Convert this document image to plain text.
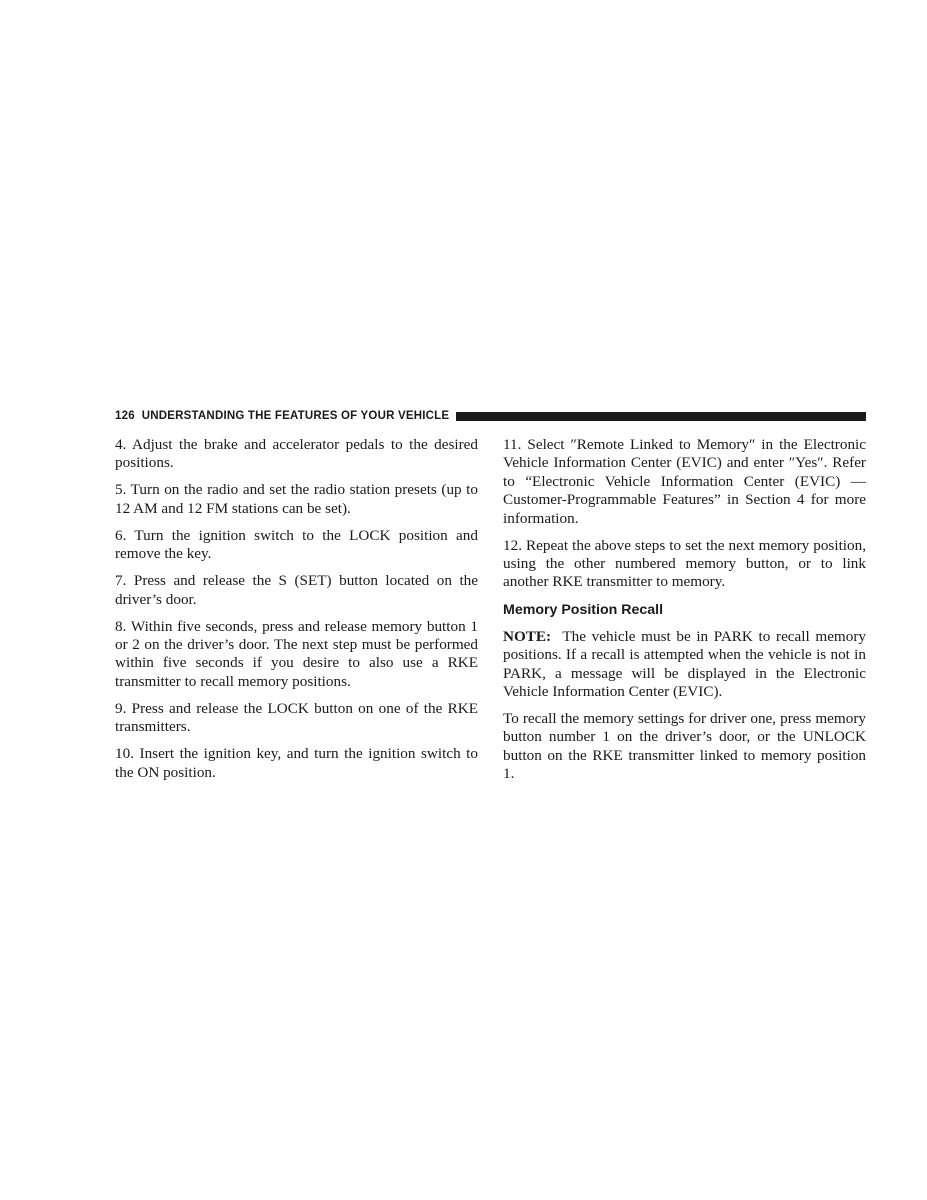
126 UNDERSTANDING THE FEATURES OF YOUR VEHICLE

4. Adjust the brake and accelerator pedals to the desired positions.

5. Turn on the radio and set the radio station presets (up to 12 AM and 12 FM stations can be set).

6. Turn the ignition switch to the LOCK position and remove the key.

7. Press and release the S (SET) button located on the driver’s door.

8. Within five seconds, press and release memory button 1 or 2 on the driver’s door. The next step must be performed within five seconds if you desire to also use a RKE transmitter to recall memory positions.

9. Press and release the LOCK button on one of the RKE transmitters.

10. Insert the ignition key, and turn the ignition switch to the ON position.

11. Select ″Remote Linked to Memory″ in the Electronic Vehicle Information Center (EVIC) and enter ″Yes″. Refer to “Electronic Vehicle Information Center (EVIC) — Customer-Programmable Features” in Section 4 for more information.

12. Repeat the above steps to set the next memory position, using the other numbered memory button, or to link another RKE transmitter to memory.

Memory Position Recall

NOTE: The vehicle must be in PARK to recall memory positions. If a recall is attempted when the vehicle is not in PARK, a message will be displayed in the Electronic Vehicle Information Center (EVIC).

To recall the memory settings for driver one, press memory button number 1 on the driver’s door, or the UNLOCK button on the RKE transmitter linked to memory position 1.
